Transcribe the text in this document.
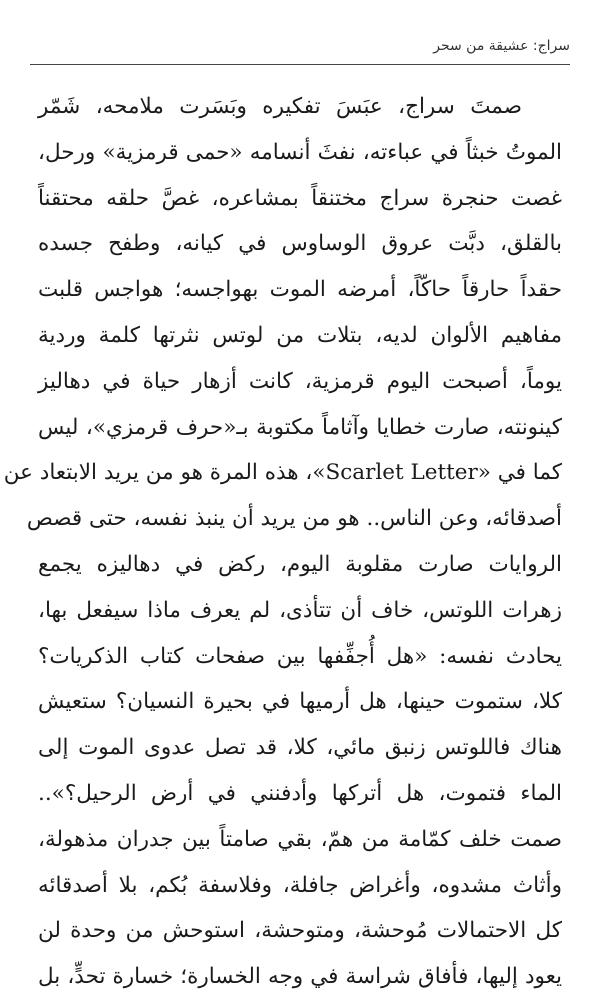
سراج: عشيقة من سحر
صمتَ سراج، عبَسَ تفكيره وبَسَرت ملامحه، شَمّر
الموتُ خبثاً في عباءته، نفثَ أنسامه «حمى قرمزية» ورحل،
غصت حنجرة سراج مختنقاً بمشاعره، غصَّ حلقه محتقناً
بالقلق، دبَّت عروق الوساوس في كيانه، وطفح جسده
حقداً حارقاً حاكّاً، أمرضه الموت بهواجسه؛ هواجس قلبت
مفاهيم الألوان لديه، بتلات من لوتس نثرتها كلمة وردية
يوماً، أصبحت اليوم قرمزية، كانت أزهار حياة في دهاليز
كينونته، صارت خطايا وآثاماً مكتوبة بـ«حرف قرمزي»، ليس
كما في «Scarlet Letter»، هذه المرة هو من يريد الابتعاد عن
أصدقائه، وعن الناس.. هو من يريد أن ينبذ نفسه، حتى قصص
الروايات صارت مقلوبة اليوم، ركض في دهاليزه يجمع
زهرات اللوتس، خاف أن تتأذى، لم يعرف ماذا سيفعل بها،
يحادث نفسه: «هل أُجفِّفها بين صفحات كتاب الذكريات؟
كلا، ستموت حينها، هل أرميها في بحيرة النسيان؟ ستعيش
هناك فاللوتس زنبق مائي، كلا، قد تصل عدوى الموت إلى
الماء فتموت، هل أتركها وأدفنني في أرض الرحيل؟»..
صمت خلف كمّامة من همّ، بقي صامتاً بين جدران مذهولة،
وأثاث مشدوه، وأغراض جافلة، وفلاسفة بُكم، بلا أصدقائه
كل الاحتمالات مُوحشة، ومتوحشة، استوحش من وحدة لن
يعود إليها، فأفاق شراسة في وجه الخسارة؛ خسارة تحدٍّ، بل
